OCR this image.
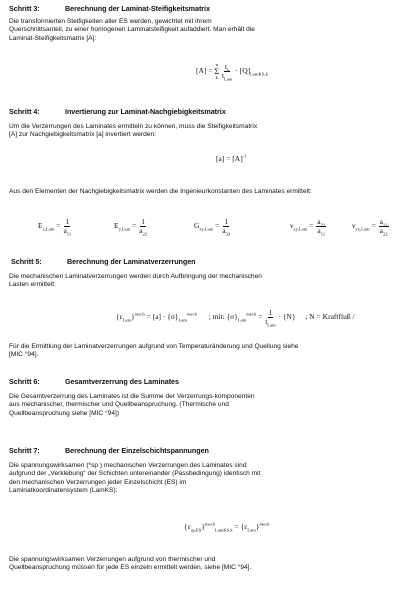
Schritt 3:	Berechnung der Laminat-Steifigkeitsmatrix
Die transformierten Steifigkeiten aller ES werden, gewichtet mit ihrem Querschnittsanteil, zu einer homogenen Laminatsteifigkeit aufaddiert. Man erhält die Laminat-Steifigkeitsmatrix [A]:
[A] =
n
Σ
k
$\frac{t_k}{t_{Lam}} \cdot [Q]_{LamKS,k}$
Schritt 4:	Invertierung zur Laminat-Nachgiebigkeitsmatrix
Um die Verzerrungen des Laminates ermitteln zu können, muss die Steifigkeitsmatrix [A] zur Nachgiebigkeitsmatrix [a] invertiert werden:
$[a] = [A]^{-1}$
Aus den Elementen der Nachgiebigkeitsmatrix werden die Ingenieurkonstanten des Laminates ermittelt:
$E_{x,Lam} = \frac{1}{a_{11}}$	$E_{y,Lam} = \frac{1}{a_{22}}$	$G_{xy,Lam} = \frac{1}{a_{33}}$	$\nu_{xy,Lam} = \frac{a_{21}}{a_{11}}$	$\nu_{yx,Lam} = \frac{a_{12}}{a_{22}}$
Schritt 5:	Berechnung der Laminatverzerrungen
Die mechanischen Laminatverzerrungen werden durch Aufbringung der mechanischen Lasten ermittelt:
$\{\varepsilon_{Lam}\}^{mech} = [a] \cdot \{\sigma\}_{Lam}^{mech}$ ; mit: $\{\sigma\}_{Lam}^{mech} = \frac{1}{t_{Lam}} \cdot \{N\}$ ; N = Kraftfluß /
Für die Ermittlung der Laminatverzerrungen aufgrund von Temperaturänderung und Quellung siehe [MIC °94].
Schritt 6:	Gesamtverzerrung des Laminates
Die Gesamtverzerrung des Laminates ist die Summe der Verzerrungs-komponenten aus mechanischer, thermischer und Quellbeanspruchung. (Thermische und Quellbeanspruchung siehe [MIC °94])
Schritt 7:	Berechnung der Einzelschichtspannungen
Die spannungswirksamen (*sp ) mechanischen Verzerrungen des Laminates sind aufgrund der „Verklebung“ der Schichten untereinander (Passbedingung) identisch mit den mechanischen Verzerrungen jeder Einzelschicht (ES) im Laminatkoordinatensystem (LamKS):
$\{\varepsilon_{sp,ES}\}^{mech}_{LamKS,k} = \{\varepsilon_{Lam}\}^{mech}$
Die spannungswirksamen Verzerrungen aufgrund von thermischer und Quellbeanspruchung müssen für jede ES einzeln ermittelt werden, siehe [MIC °94].
